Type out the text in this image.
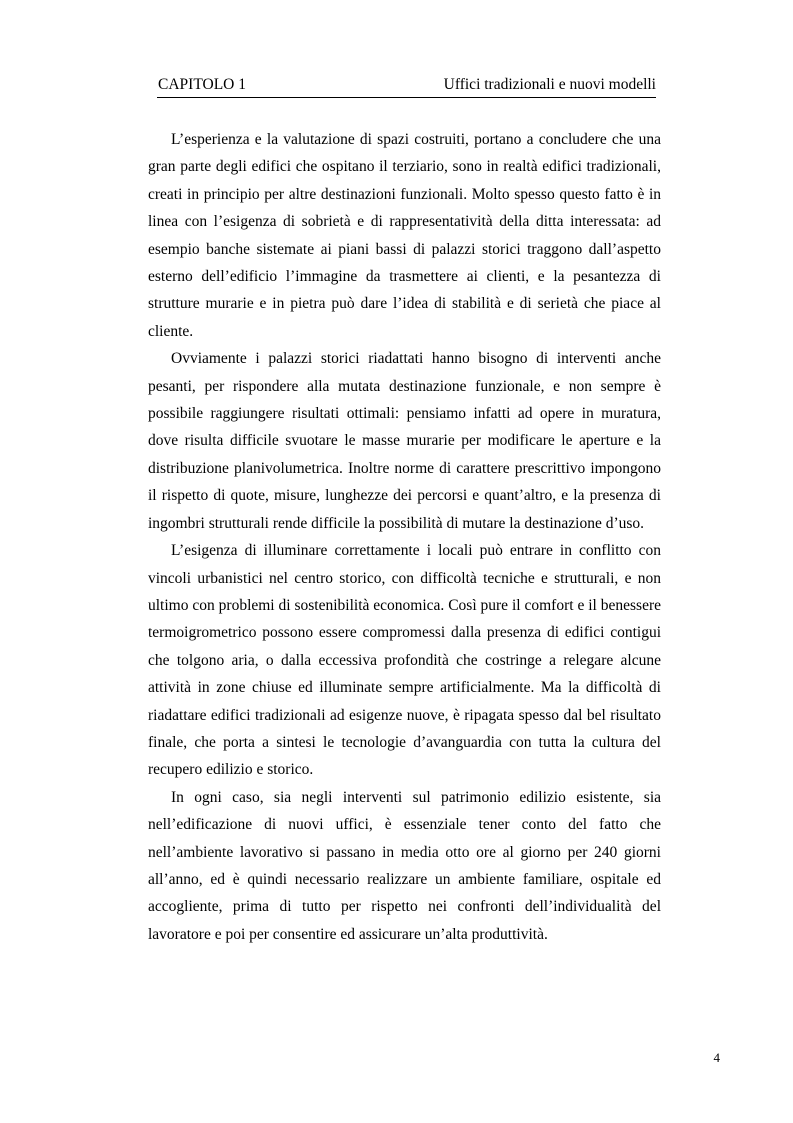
CAPITOLO 1	Uffici tradizionali e nuovi modelli

L’esperienza e la valutazione di spazi costruiti, portano a concludere che una gran parte degli edifici che ospitano il terziario, sono in realtà edifici tradizionali, creati in principio per altre destinazioni funzionali. Molto spesso questo fatto è in linea con l’esigenza di sobrietà e di rappresentatività della ditta interessata: ad esempio banche sistemate ai piani bassi di palazzi storici traggono dall’aspetto esterno dell’edificio l’immagine da trasmettere ai clienti, e la pesantezza di strutture murarie e in pietra può dare l’idea di stabilità e di serietà che piace al cliente.

Ovviamente i palazzi storici riadattati hanno bisogno di interventi anche pesanti, per rispondere alla mutata destinazione funzionale, e non sempre è possibile raggiungere risultati ottimali: pensiamo infatti ad opere in muratura, dove risulta difficile svuotare le masse murarie per modificare le aperture e la distribuzione planivolumetrica. Inoltre norme di carattere prescrittivo impongono il rispetto di quote, misure, lunghezze dei percorsi e quant’altro, e la presenza di ingombri strutturali rende difficile la possibilità di mutare la destinazione d’uso.

L’esigenza di illuminare correttamente i locali può entrare in conflitto con vincoli urbanistici nel centro storico, con difficoltà tecniche e strutturali, e non ultimo con problemi di sostenibilità economica. Così pure il comfort e il benessere termoigrometrico possono essere compromessi dalla presenza di edifici contigui che tolgono aria, o dalla eccessiva profondità che costringe a relegare alcune attività in zone chiuse ed illuminate sempre artificialmente. Ma la difficoltà di riadattare edifici tradizionali ad esigenze nuove, è ripagata spesso dal bel risultato finale, che porta a sintesi le tecnologie d’avanguardia con tutta la cultura del recupero edilizio e storico.

In ogni caso, sia negli interventi sul patrimonio edilizio esistente, sia nell’edificazione di nuovi uffici, è essenziale tener conto del fatto che nell’ambiente lavorativo si passano in media otto ore al giorno per 240 giorni all’anno, ed è quindi necessario realizzare un ambiente familiare, ospitale ed accogliente, prima di tutto per rispetto nei confronti dell’individualità del lavoratore e poi per consentire ed assicurare un’alta produttività.

4
